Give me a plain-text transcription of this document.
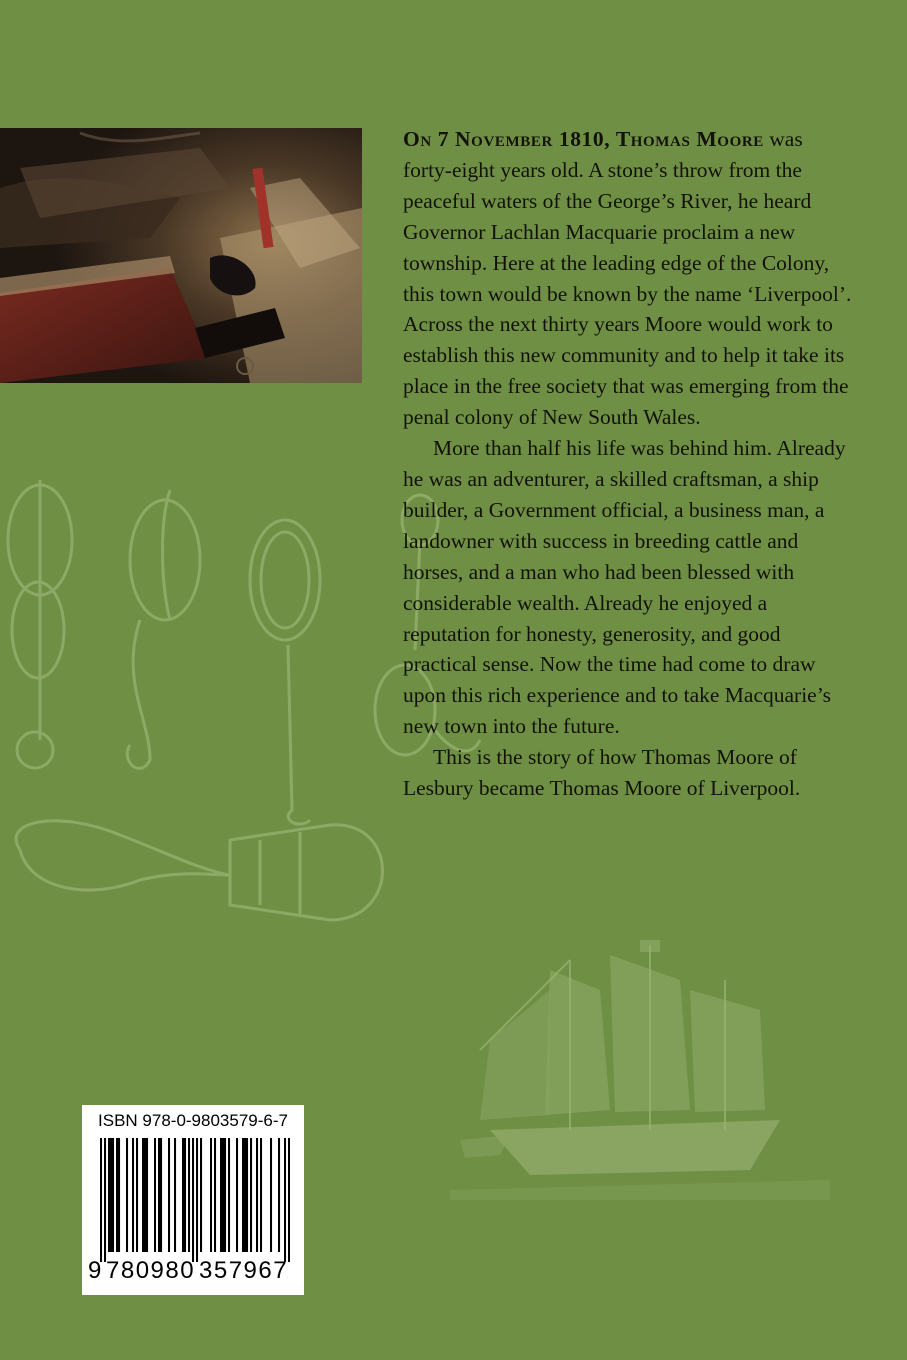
On 7 November 1810, Thomas Moore was forty-eight years old. A stone’s throw from the peaceful waters of the George’s River, he heard Governor Lachlan Macquarie proclaim a new township. Here at the leading edge of the Colony, this town would be known by the name ‘Liverpool’. Across the next thirty years Moore would work to establish this new community and to help it take its place in the free society that was emerging from the penal colony of New South Wales.

More than half his life was behind him. Already he was an adventurer, a skilled craftsman, a ship builder, a Government official, a business man, a landowner with success in breeding cattle and horses, and a man who had been blessed with considerable wealth. Already he enjoyed a reputation for honesty, generosity, and good practical sense. Now the time had come to draw upon this rich experience and to take Macquarie’s new town into the future.

This is the story of how Thomas Moore of Lesbury became Thomas Moore of Liverpool.

ISBN 978-0-9803579-6-7
9 780980 357967
